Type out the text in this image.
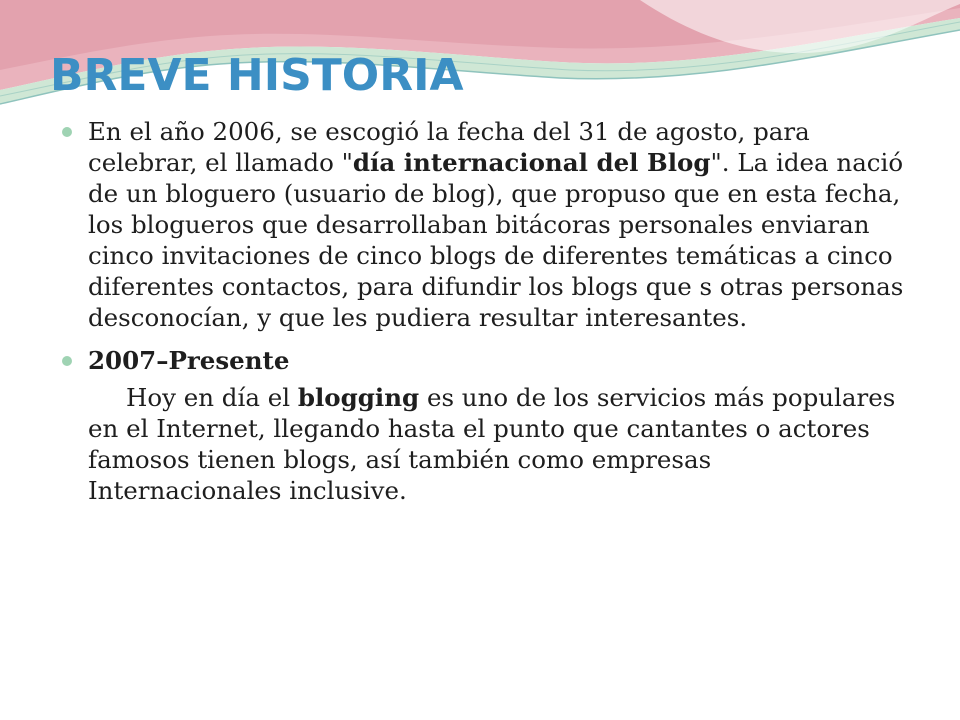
BREVE HISTORIA

En el año 2006, se escogió la fecha del 31 de agosto, para celebrar, el llamado "día internacional del Blog". La idea nació de un bloguero (usuario de blog), que propuso que en esta fecha, los blogueros que desarrollaban bitácoras personales enviaran cinco invitaciones de cinco blogs de diferentes temáticas a cinco diferentes contactos, para difundir los blogs que s otras personas desconocían, y que les pudiera resultar interesantes.

2007–Presente

Hoy en día el blogging es uno de los servicios más populares en el Internet, llegando hasta el punto que cantantes o actores famosos tienen blogs, así también como empresas Internacionales inclusive.
